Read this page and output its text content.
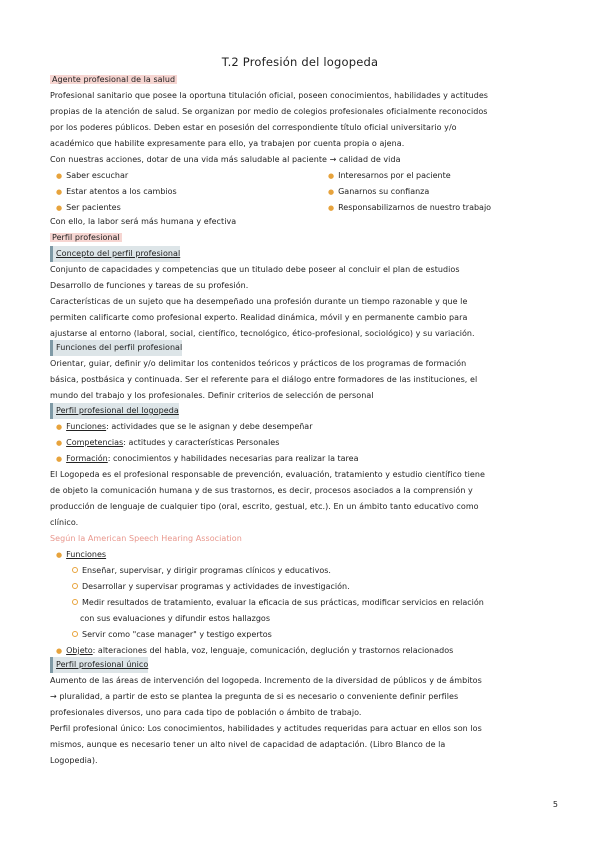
T.2 Profesión del logopeda
Agente profesional de la salud
Profesional sanitario que posee la oportuna titulación oficial, poseen conocimientos, habilidades y actitudes
propias de la atención de salud. Se organizan por medio de colegios profesionales oficialmente reconocidos
por los poderes públicos. Deben estar en posesión del correspondiente título oficial universitario y/o
académico que habilite expresamente para ello, ya trabajen por cuenta propia o ajena.
Con nuestras acciones, dotar de una vida más saludable al paciente → calidad de vida
● Saber escuchar
● Estar atentos a los cambios
● Ser pacientes
● Interesarnos por el paciente
● Ganarnos su confianza
● Responsabilizarnos de nuestro trabajo
Con ello, la labor será más humana y efectiva
Perfil profesional
Concepto del perfil profesional
Conjunto de capacidades y competencias que un titulado debe poseer al concluir el plan de estudios
Desarrollo de funciones y tareas de su profesión.
Características de un sujeto que ha desempeñado una profesión durante un tiempo razonable y que le
permiten calificarte como profesional experto. Realidad dinámica, móvil y en permanente cambio para
ajustarse al entorno (laboral, social, científico, tecnológico, ético-profesional, sociológico) y su variación.
Funciones del perfil profesional
Orientar, guiar, definir y/o delimitar los contenidos teóricos y prácticos de los programas de formación
básica, postbásica y continuada. Ser el referente para el diálogo entre formadores de las instituciones, el
mundo del trabajo y los profesionales. Definir criterios de selección de personal
Perfil profesional del logopeda
● Funciones: actividades que se le asignan y debe desempeñar
● Competencias: actitudes y características Personales
● Formación: conocimientos y habilidades necesarias para realizar la tarea
El Logopeda es el profesional responsable de prevención, evaluación, tratamiento y estudio científico tiene
de objeto la comunicación humana y de sus trastornos, es decir, procesos asociados a la comprensión y
producción de lenguaje de cualquier tipo (oral, escrito, gestual, etc.). En un ámbito tanto educativo como
clínico.
Según la American Speech Hearing Association
● Funciones
Enseñar, supervisar, y dirigir programas clínicos y educativos.
Desarrollar y supervisar programas y actividades de investigación.
Medir resultados de tratamiento, evaluar la eficacia de sus prácticas, modificar servicios en relación
con sus evaluaciones y difundir estos hallazgos
Servir como "case manager" y testigo expertos
● Objeto: alteraciones del habla, voz, lenguaje, comunicación, deglución y trastornos relacionados
Perfil profesional único
Aumento de las áreas de intervención del logopeda. Incremento de la diversidad de públicos y de ámbitos
→ pluralidad, a partir de esto se plantea la pregunta de si es necesario o conveniente definir perfiles
profesionales diversos, uno para cada tipo de población o ámbito de trabajo.
Perfil profesional único: Los conocimientos, habilidades y actitudes requeridas para actuar en ellos son los
mismos, aunque es necesario tener un alto nivel de capacidad de adaptación. (Libro Blanco de la
Logopedia).
5
